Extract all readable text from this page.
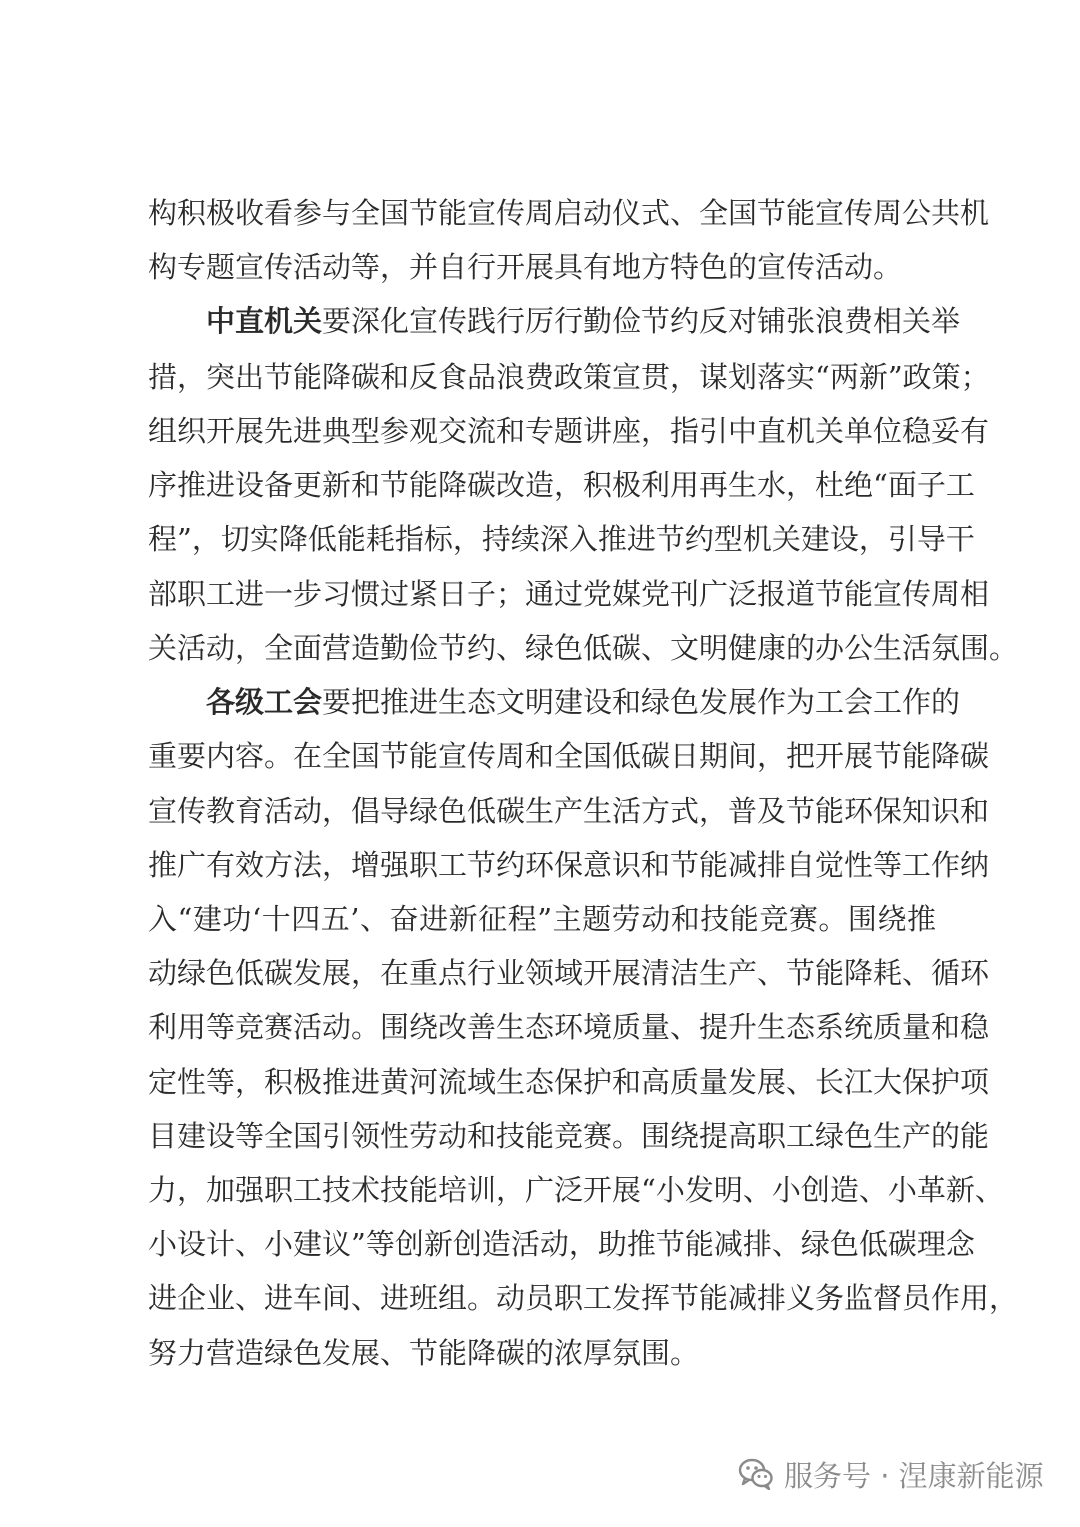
构积极收看参与全国节能宣传周启动仪式、全国节能宣传周公共机
构专题宣传活动等，并自行开展具有地方特色的宣传活动。
中直机关要深化宣传践行厉行勤俭节约反对铺张浪费相关举
措，突出节能降碳和反食品浪费政策宣贯，谋划落实“两新”政策；
组织开展先进典型参观交流和专题讲座，指引中直机关单位稳妥有
序推进设备更新和节能降碳改造，积极利用再生水，杜绝“面子工
程”，切实降低能耗指标，持续深入推进节约型机关建设，引导干
部职工进一步习惯过紧日子；通过党媒党刊广泛报道节能宣传周相
关活动，全面营造勤俭节约、绿色低碳、文明健康的办公生活氛围。
各级工会要把推进生态文明建设和绿色发展作为工会工作的
重要内容。在全国节能宣传周和全国低碳日期间，把开展节能降碳
宣传教育活动，倡导绿色低碳生产生活方式，普及节能环保知识和
推广有效方法，增强职工节约环保意识和节能减排自觉性等工作纳
入“建功‘十四五’、奋进新征程”主题劳动和技能竞赛。围绕推
动绿色低碳发展，在重点行业领域开展清洁生产、节能降耗、循环
利用等竞赛活动。围绕改善生态环境质量、提升生态系统质量和稳
定性等，积极推进黄河流域生态保护和高质量发展、长江大保护项
目建设等全国引领性劳动和技能竞赛。围绕提高职工绿色生产的能
力，加强职工技术技能培训，广泛开展“小发明、小创造、小革新、
小设计、小建议”等创新创造活动，助推节能减排、绿色低碳理念
进企业、进车间、进班组。动员职工发挥节能减排义务监督员作用，
努力营造绿色发展、节能降碳的浓厚氛围。
服务号 · 涅康新能源
